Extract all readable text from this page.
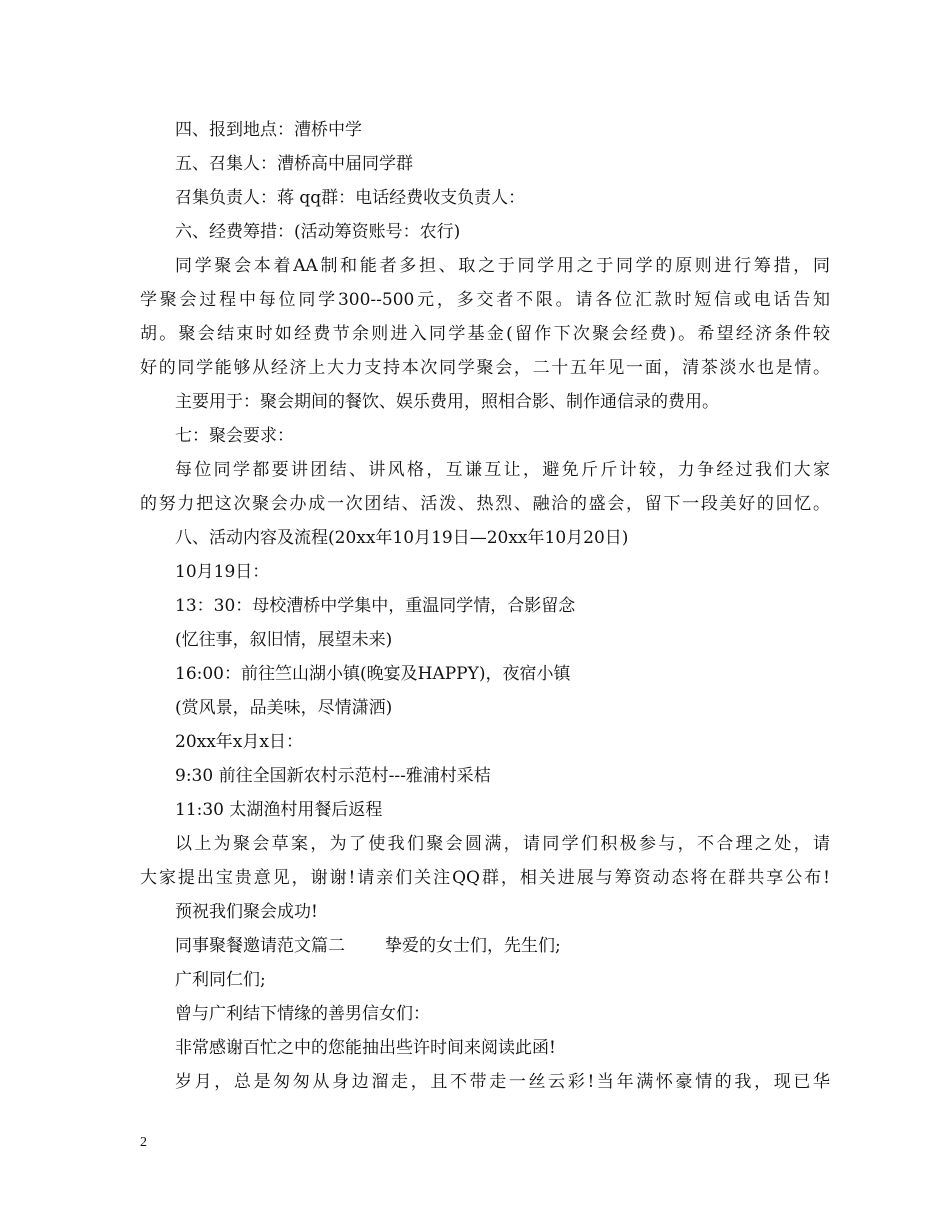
四、报到地点：漕桥中学
五、召集人：漕桥高中届同学群
召集负责人：蒋 qq群：电话经费收支负责人：
六、经费筹措：(活动筹资账号：农行)
同学聚会本着AA制和能者多担、取之于同学用之于同学的原则进行筹措，同
学聚会过程中每位同学300--500元，多交者不限。请各位汇款时短信或电话告知
胡。聚会结束时如经费节余则进入同学基金(留作下次聚会经费)。希望经济条件较
好的同学能够从经济上大力支持本次同学聚会，二十五年见一面，清茶淡水也是情。
主要用于：聚会期间的餐饮、娱乐费用，照相合影、制作通信录的费用。
七：聚会要求：
每位同学都要讲团结、讲风格，互谦互让，避免斤斤计较，力争经过我们大家
的努力把这次聚会办成一次团结、活泼、热烈、融洽的盛会，留下一段美好的回忆。
八、活动内容及流程(20xx年10月19日—20xx年10月20日)
10月19日：
13：30：母校漕桥中学集中，重温同学情，合影留念
(忆往事，叙旧情，展望未来)
16:00：前往竺山湖小镇(晚宴及HAPPY)，夜宿小镇
(赏风景，品美味，尽情潇洒)
20xx年x月x日：
9:30 前往全国新农村示范村---雅浦村采桔
11:30 太湖渔村用餐后返程
以上为聚会草案，为了使我们聚会圆满，请同学们积极参与，不合理之处，请
大家提出宝贵意见，谢谢!请亲们关注QQ群，相关进展与筹资动态将在群共享公布!
预祝我们聚会成功!
同事聚餐邀请范文篇二 挚爱的女士们，先生们;
广利同仁们;
曾与广利结下情缘的善男信女们：
非常感谢百忙之中的您能抽出些许时间来阅读此函!
岁月，总是匆匆从身边溜走，且不带走一丝云彩!当年满怀豪情的我，现已华
2
